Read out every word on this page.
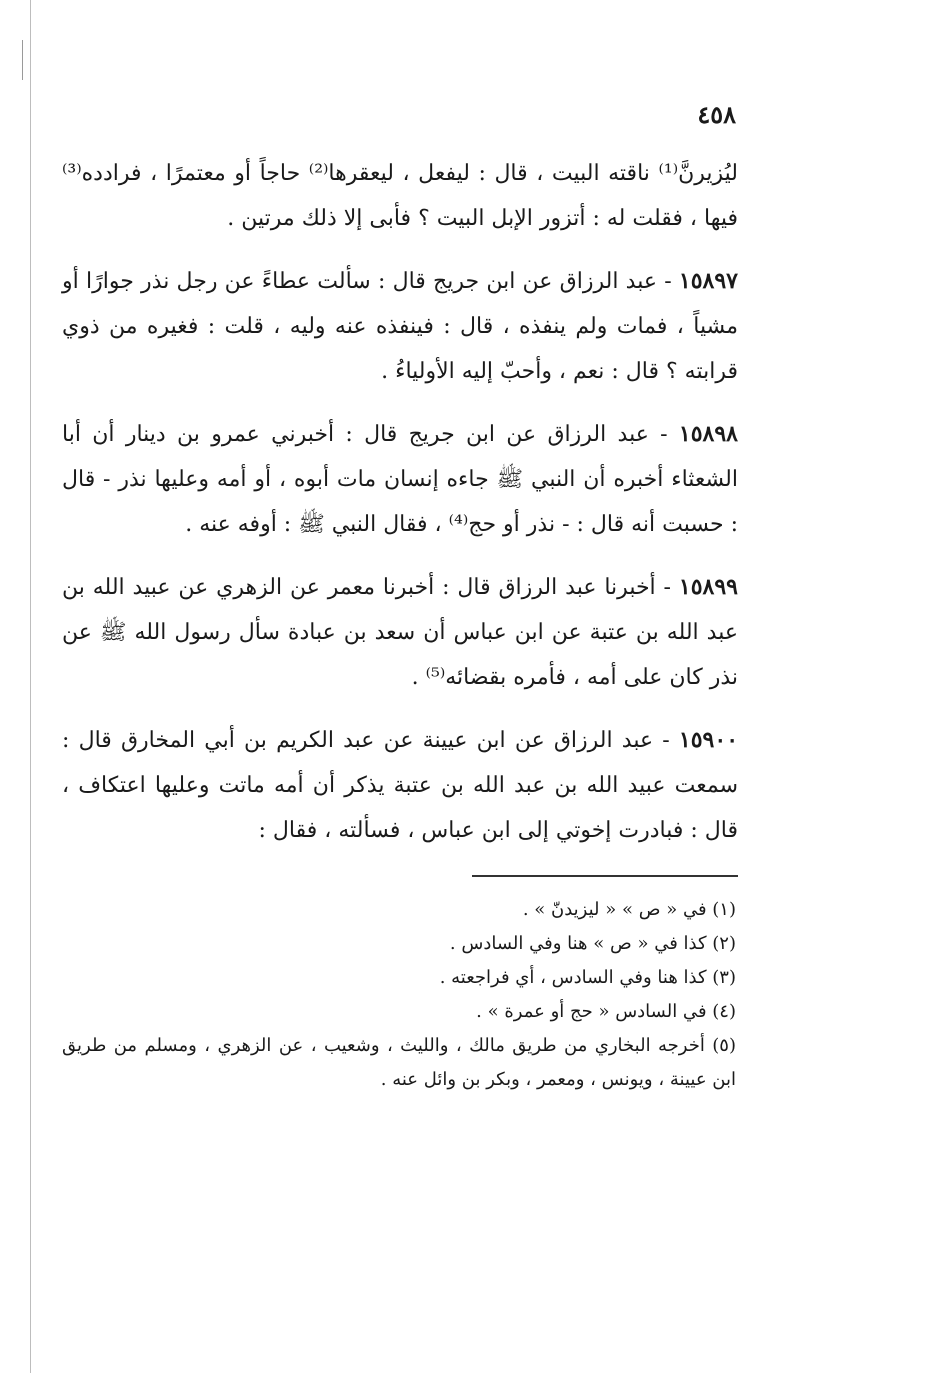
٤٥٨

ليُزيرنَّ⁽¹⁾ ناقته البيت ، قال : ليفعل ، ليعقرها⁽²⁾ حاجاً أو معتمرًا ، فرادده⁽³⁾ فيها ، فقلت له : أتزور الإبل البيت ؟ فأبى إلا ذلك مرتين .

١٥٨٩٧ - عبد الرزاق عن ابن جريج قال : سألت عطاءً عن رجل نذر جوارًا أو مشياً ، فمات ولم ينفذه ، قال : فينفذه عنه وليه ، قلت : فغيره من ذوي قرابته ؟ قال : نعم ، وأحبّ إليه الأولياءُ .

١٥٨٩٨ - عبد الرزاق عن ابن جريج قال : أخبرني عمرو بن دينار أن أبا الشعثاء أخبره أن النبي ﷺ جاءه إنسان مات أبوه ، أو أمه وعليها نذر - قال : حسبت أنه قال : - نذر أو حج⁽⁴⁾ ، فقال النبي ﷺ : أوفه عنه .

١٥٨٩٩ - أخبرنا عبد الرزاق قال : أخبرنا معمر عن الزهري عن عبيد الله بن عبد الله بن عتبة عن ابن عباس أن سعد بن عبادة سأل رسول الله ﷺ عن نذر كان على أمه ، فأمره بقضائه⁽⁵⁾ .

١٥٩٠٠ - عبد الرزاق عن ابن عيينة عن عبد الكريم بن أبي المخارق قال : سمعت عبيد الله بن عبد الله بن عتبة يذكر أن أمه ماتت وعليها اعتكاف ، قال : فبادرت إخوتي إلى ابن عباس ، فسألته ، فقال :

(١) في « ص » « ليزيدنّ » .

(٢) كذا في « ص » هنا وفي السادس .

(٣) كذا هنا وفي السادس ، أي فراجعته .

(٤) في السادس « حج أو عمرة » .

(٥) أخرجه البخاري من طريق مالك ، والليث ، وشعيب ، عن الزهري ، ومسلم من طريق ابن عيينة ، ويونس ، ومعمر ، وبكر بن وائل عنه .
